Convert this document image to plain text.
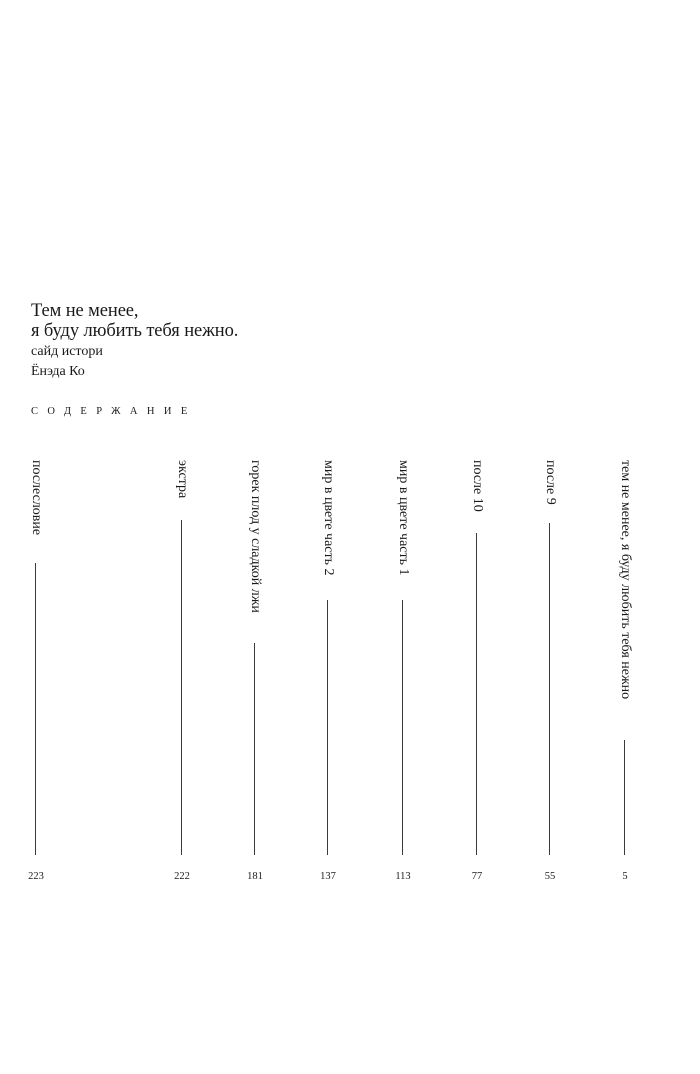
Тем не менее,
я буду любить тебя нежно.
сайд истори
Ёнэда Ко
СОДЕРЖАНИЕ
послесловие
223
экстра
222
горек плод у сладкой лжи
181
мир в цвете часть 2
137
мир в цвете часть 1
113
после 10
77
после 9
55
тем не менее, я буду любить тебя нежно
5
